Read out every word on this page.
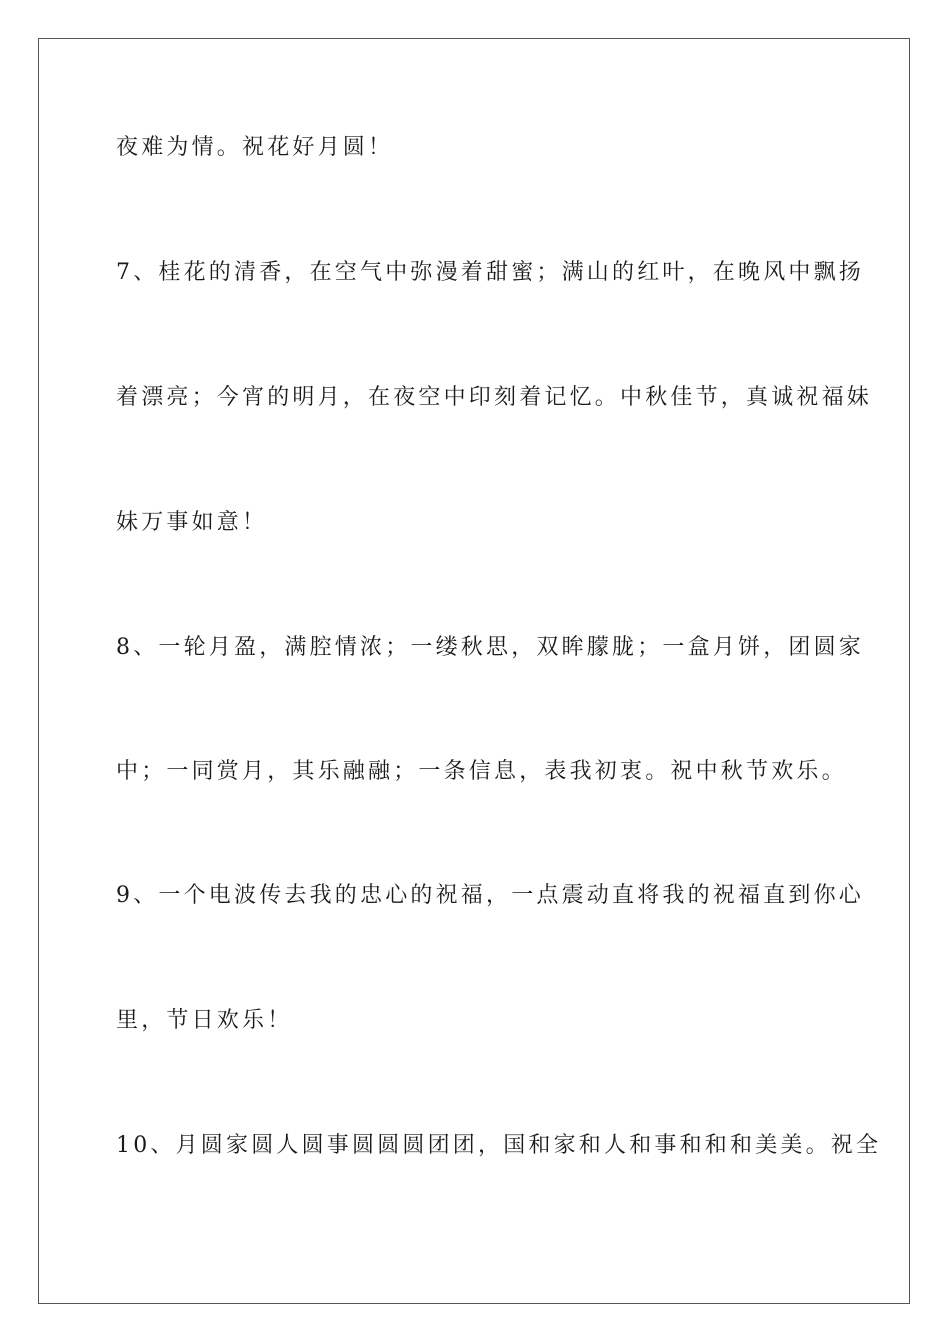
夜难为情。祝花好月圆！
7、桂花的清香，在空气中弥漫着甜蜜；满山的红叶，在晚风中飘扬
着漂亮；今宵的明月，在夜空中印刻着记忆。中秋佳节，真诚祝福妹
妹万事如意！
8、一轮月盈，满腔情浓；一缕秋思，双眸朦胧；一盒月饼，团圆家
中；一同赏月，其乐融融；一条信息，表我初衷。祝中秋节欢乐。
9、一个电波传去我的忠心的祝福，一点震动直将我的祝福直到你心
里，节日欢乐！
10、月圆家圆人圆事圆圆圆团团，国和家和人和事和和和美美。祝全
